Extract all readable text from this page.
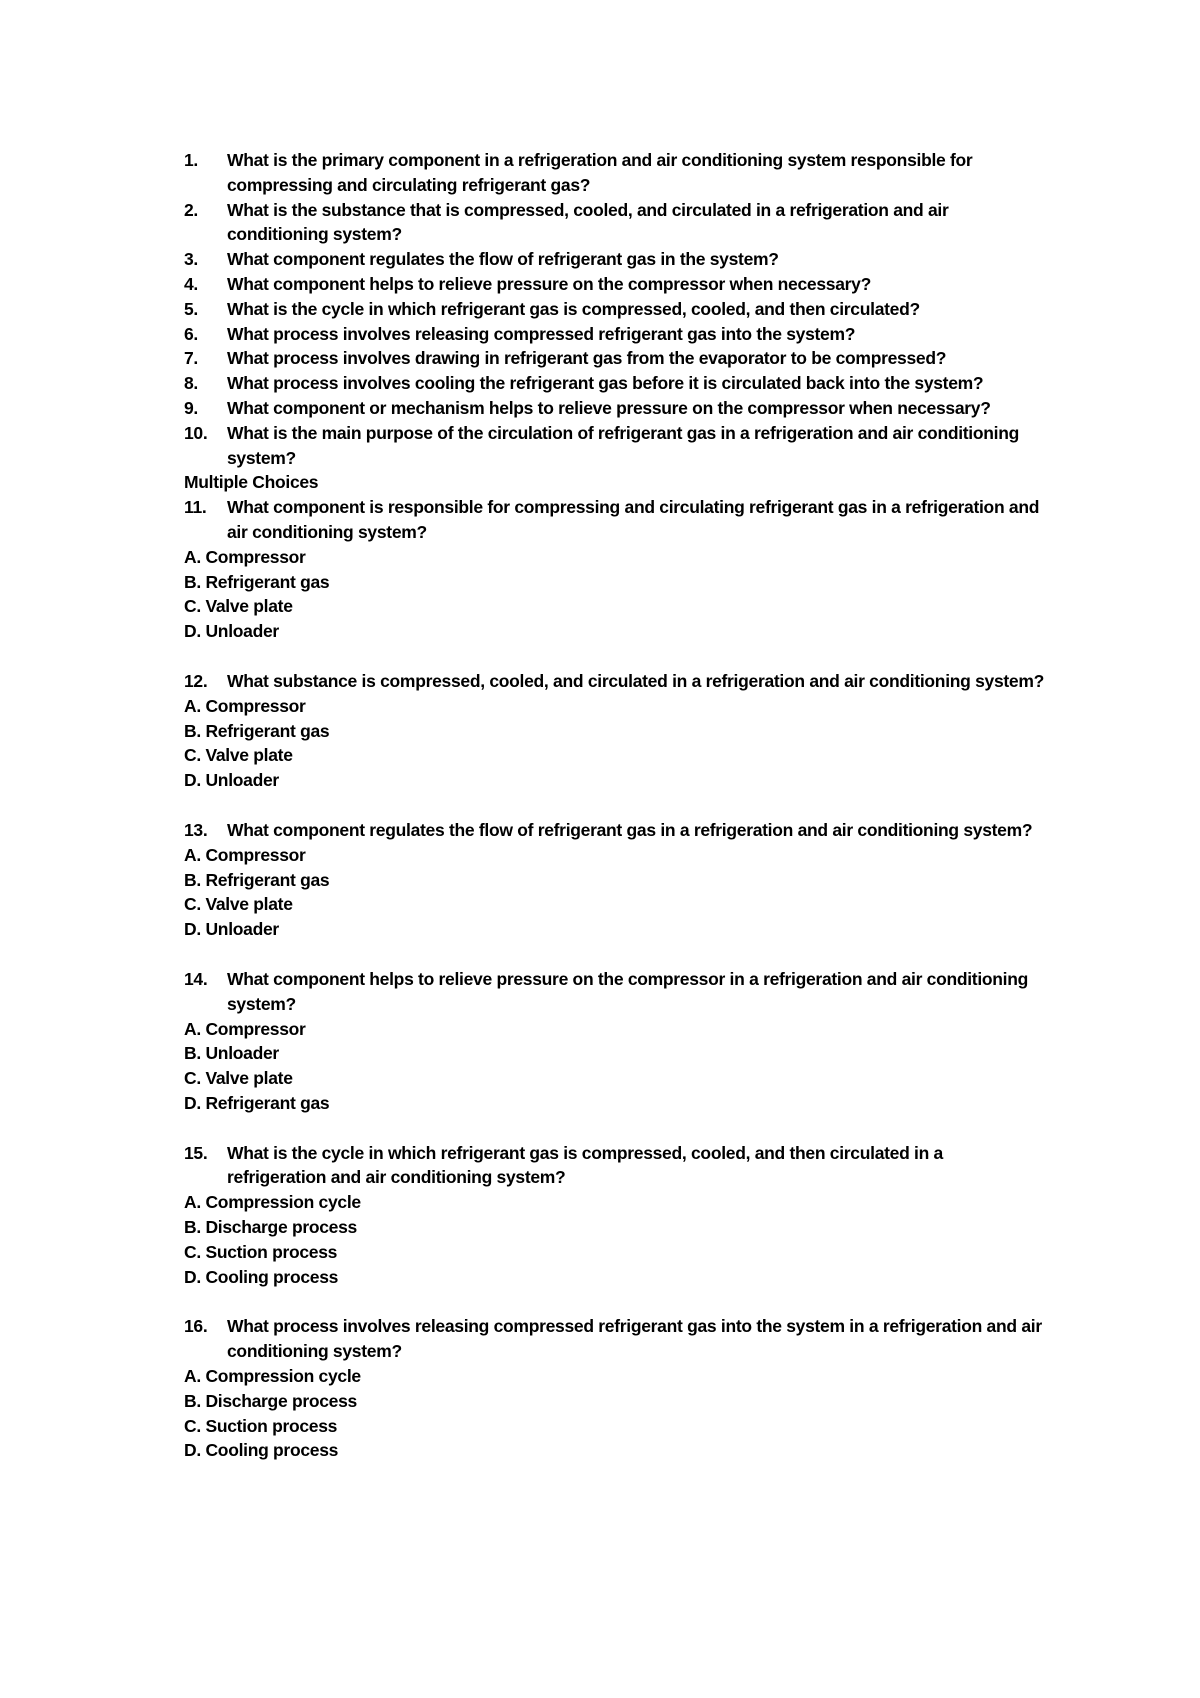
1.	What is the primary component in a refrigeration and air conditioning system responsible for compressing and circulating refrigerant gas?
2.	What is the substance that is compressed, cooled, and circulated in a refrigeration and air conditioning system?
3.	What component regulates the flow of refrigerant gas in the system?
4.	What component helps to relieve pressure on the compressor when necessary?
5.	What is the cycle in which refrigerant gas is compressed, cooled, and then circulated?
6.	What process involves releasing compressed refrigerant gas into the system?
7.	What process involves drawing in refrigerant gas from the evaporator to be compressed?
8.	What process involves cooling the refrigerant gas before it is circulated back into the system?
9.	What component or mechanism helps to relieve pressure on the compressor when necessary?
10.	What is the main purpose of the circulation of refrigerant gas in a refrigeration and air conditioning system?
Multiple Choices
11.	What component is responsible for compressing and circulating refrigerant gas in a refrigeration and air conditioning system?
A. Compressor
B. Refrigerant gas
C. Valve plate
D. Unloader
12.	What substance is compressed, cooled, and circulated in a refrigeration and air conditioning system?
A. Compressor
B. Refrigerant gas
C. Valve plate
D. Unloader
13.	What component regulates the flow of refrigerant gas in a refrigeration and air conditioning system?
A. Compressor
B. Refrigerant gas
C. Valve plate
D. Unloader
14.	What component helps to relieve pressure on the compressor in a refrigeration and air conditioning system?
A. Compressor
B. Unloader
C. Valve plate
D. Refrigerant gas
15.	What is the cycle in which refrigerant gas is compressed, cooled, and then circulated in a refrigeration and air conditioning system?
A. Compression cycle
B. Discharge process
C. Suction process
D. Cooling process
16.	What process involves releasing compressed refrigerant gas into the system in a refrigeration and air conditioning system?
A. Compression cycle
B. Discharge process
C. Suction process
D. Cooling process
